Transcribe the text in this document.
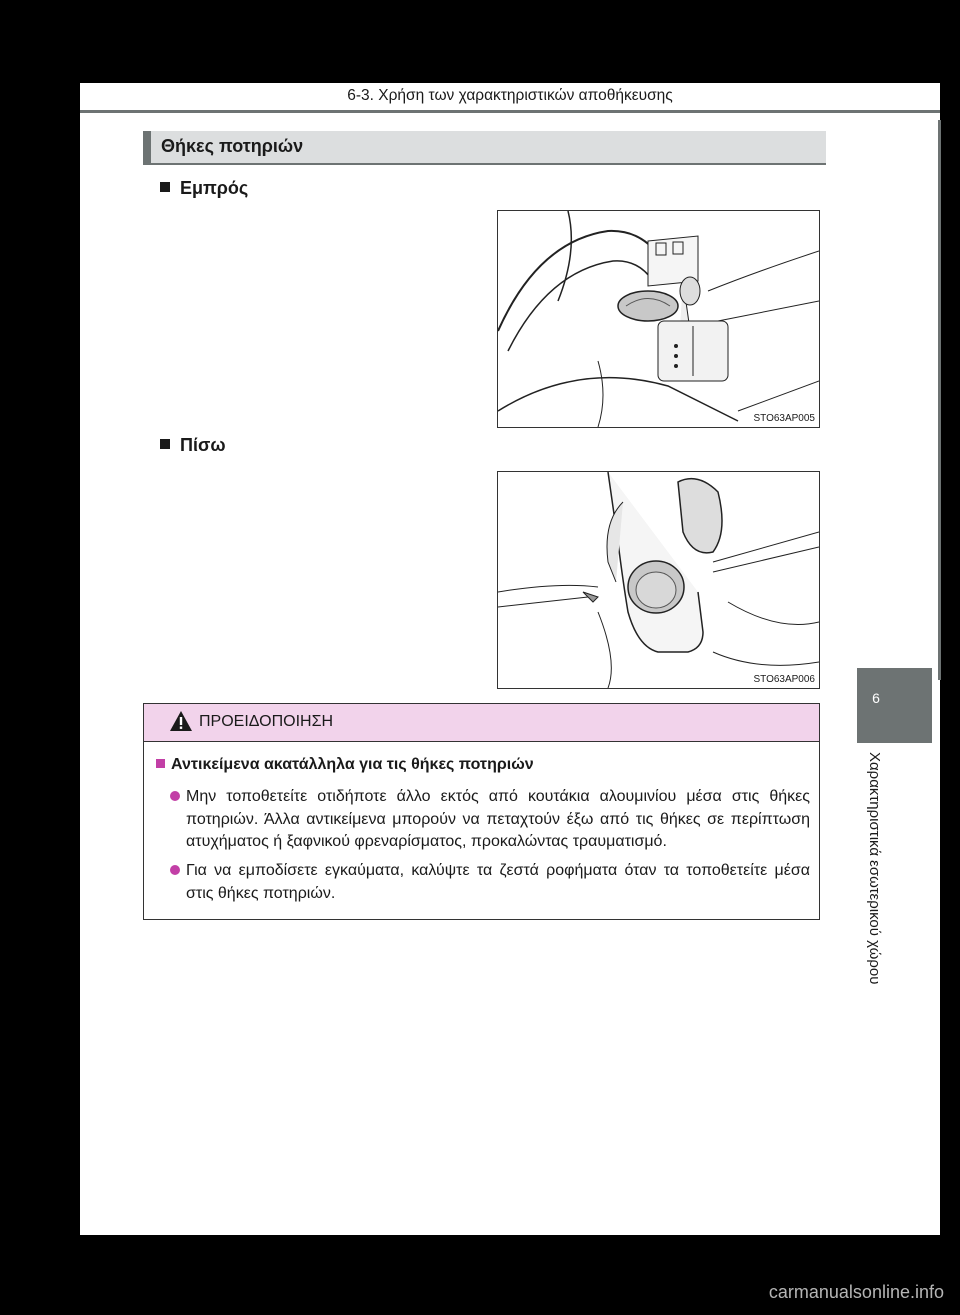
6-3. Χρήση των χαρακτηριστικών αποθήκευσης
Θήκες ποτηριών
Εμπρός
STO63AP005
Πίσω
STO63AP006
ΠΡΟΕΙΔΟΠΟΙΗΣΗ
Αντικείμενα ακατάλληλα για τις θήκες ποτηριών
Μην τοποθετείτε οτιδήποτε άλλο εκτός από κουτάκια αλουμινίου μέσα στις θήκες ποτηριών. Άλλα αντικείμενα μπορούν να πεταχτούν έξω από τις θήκες σε περίπτωση ατυχήματος ή ξαφνικού φρεναρίσματος, προκαλώντας τραυματισμό.
Για να εμποδίσετε εγκαύματα, καλύψτε τα ζεστά ροφήματα όταν τα τοποθετείτε μέσα στις θήκες ποτηριών.
6
Χαρακτηριστικά εσωτερικού χώρου
carmanualsonline.info
